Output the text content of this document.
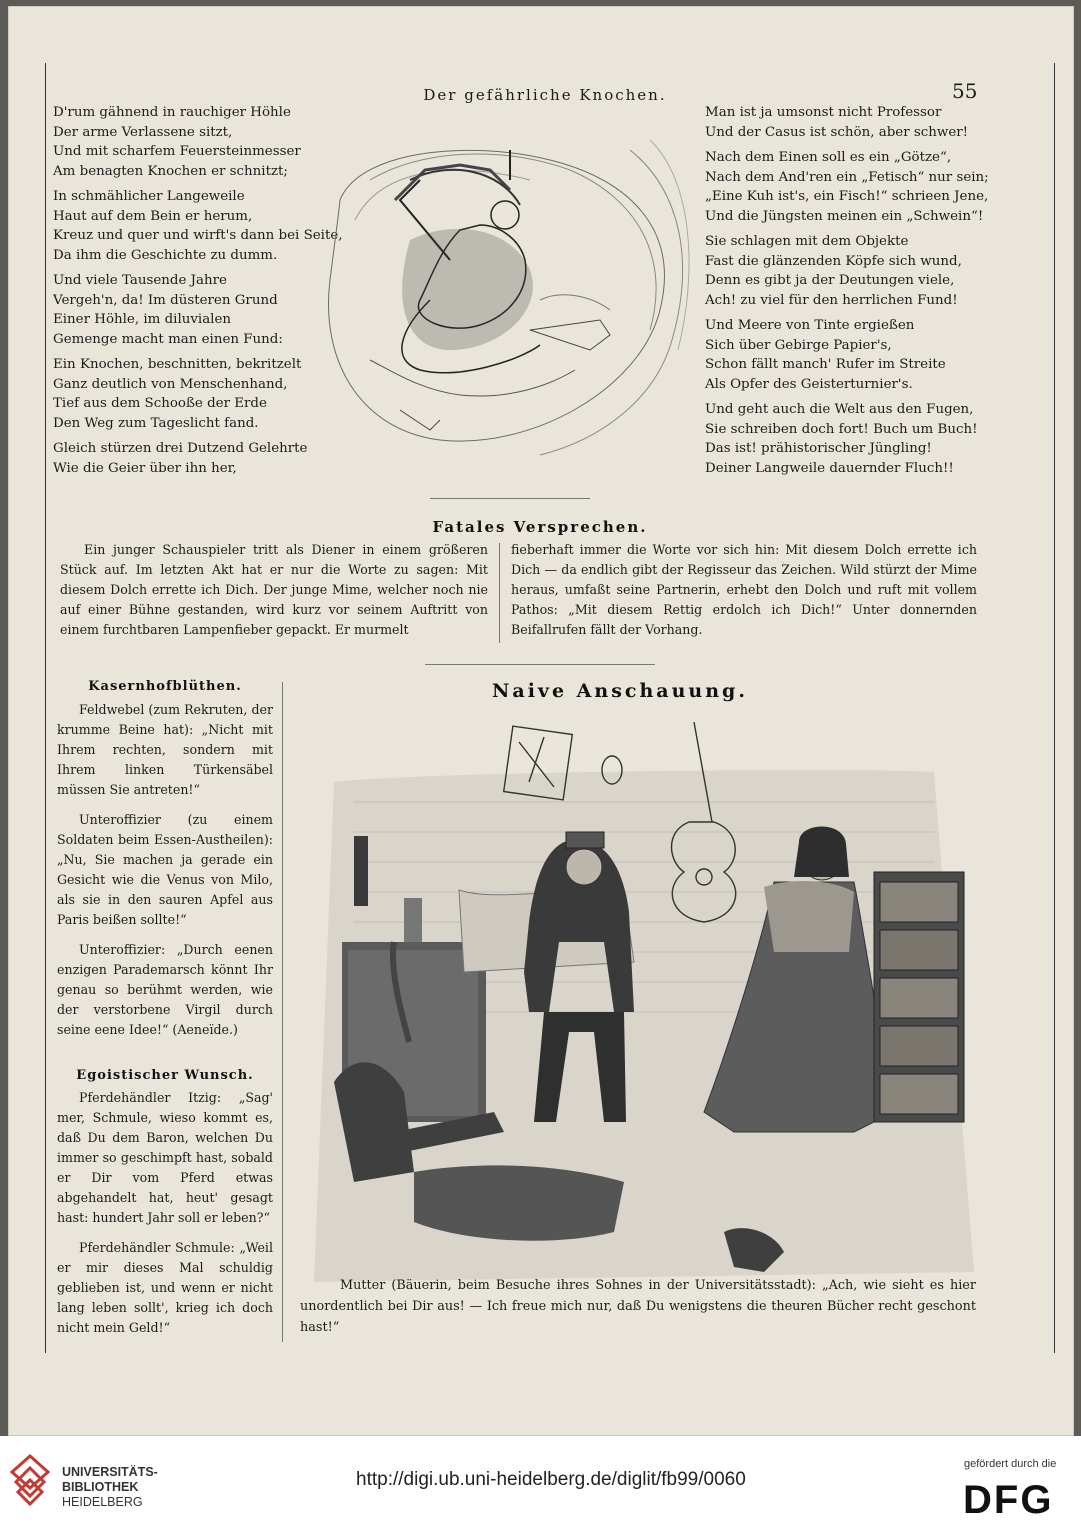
55
Der gefährliche Knochen.
D'rum gähnend in rauchiger Höhle
Der arme Verlassene sitzt,
Und mit scharfem Feuersteinmesser
Am benagten Knochen er schnitzt;
In schmählicher Langeweile
Haut auf dem Bein er herum,
Kreuz und quer und wirft's dann bei Seite,
Da ihm die Geschichte zu dumm.
Und viele Tausende Jahre
Vergeh'n, da! Im düsteren Grund
Einer Höhle, im diluvialen
Gemenge macht man einen Fund:
Ein Knochen, beschnitten, bekritzelt
Ganz deutlich von Menschenhand,
Tief aus dem Schooße der Erde
Den Weg zum Tageslicht fand.
Gleich stürzen drei Dutzend Gelehrte
Wie die Geier über ihn her,
Man ist ja umsonst nicht Professor
Und der Casus ist schön, aber schwer!
Nach dem Einen soll es ein „Götze“,
Nach dem And'ren ein „Fetisch“ nur sein;
„Eine Kuh ist's, ein Fisch!“ schrieen Jene,
Und die Jüngsten meinen ein „Schwein“!
Sie schlagen mit dem Objekte
Fast die glänzenden Köpfe sich wund,
Denn es gibt ja der Deutungen viele,
Ach! zu viel für den herrlichen Fund!
Und Meere von Tinte ergießen
Sich über Gebirge Papier's,
Schon fällt manch' Rufer im Streite
Als Opfer des Geisterturnier's.
Und geht auch die Welt aus den Fugen,
Sie schreiben doch fort! Buch um Buch!
Das ist! prähistorischer Jüngling!
Deiner Langweile dauernder Fluch!!
Fatales Versprechen.
Ein junger Schauspieler tritt als Diener in einem größeren Stück auf. Im letzten Akt hat er nur die Worte zu sagen: Mit diesem Dolch errette ich Dich. Der junge Mime, welcher noch nie auf einer Bühne gestanden, wird kurz vor seinem Auftritt von einem furchtbaren Lampenfieber gepackt. Er murmelt
fieberhaft immer die Worte vor sich hin: Mit diesem Dolch errette ich Dich — da endlich gibt der Regisseur das Zeichen. Wild stürzt der Mime heraus, umfaßt seine Partnerin, erhebt den Dolch und ruft mit vollem Pathos: „Mit diesem Rettig erdolch ich Dich!“ Unter donnernden Beifallrufen fällt der Vorhang.
Kasernhofblüthen.
Feldwebel (zum Rekruten, der krumme Beine hat): „Nicht mit Ihrem rechten, sondern mit Ihrem linken Türkensäbel müssen Sie antreten!“
Unteroffizier (zu einem Soldaten beim Essen-Austheilen): „Nu, Sie machen ja gerade ein Gesicht wie die Venus von Milo, als sie in den sauren Apfel aus Paris beißen sollte!“
Unteroffizier: „Durch eenen enzigen Parademarsch könnt Ihr genau so berühmt werden, wie der verstorbene Virgil durch seine eene Idee!“ (Aeneïde.)
Egoistischer Wunsch.
Pferdehändler Itzig: „Sag' mer, Schmule, wieso kommt es, daß Du dem Baron, welchen Du immer so geschimpft hast, sobald er Dir vom Pferd etwas abgehandelt hat, heut' gesagt hast: hundert Jahr soll er leben?“
Pferdehändler Schmule: „Weil er mir dieses Mal schuldig geblieben ist, und wenn er nicht lang leben sollt', krieg ich doch nicht mein Geld!“
Naive Anschauung.
Mutter (Bäuerin, beim Besuche ihres Sohnes in der Universitätsstadt): „Ach, wie sieht es hier unordentlich bei Dir aus! — Ich freue mich nur, daß Du wenigstens die theuren Bücher recht geschont hast!“
UNIVERSITÄTS-
BIBLIOTHEK
HEIDELBERG
http://digi.ub.uni-heidelberg.de/diglit/fb99/0060
gefördert durch die
DFG
